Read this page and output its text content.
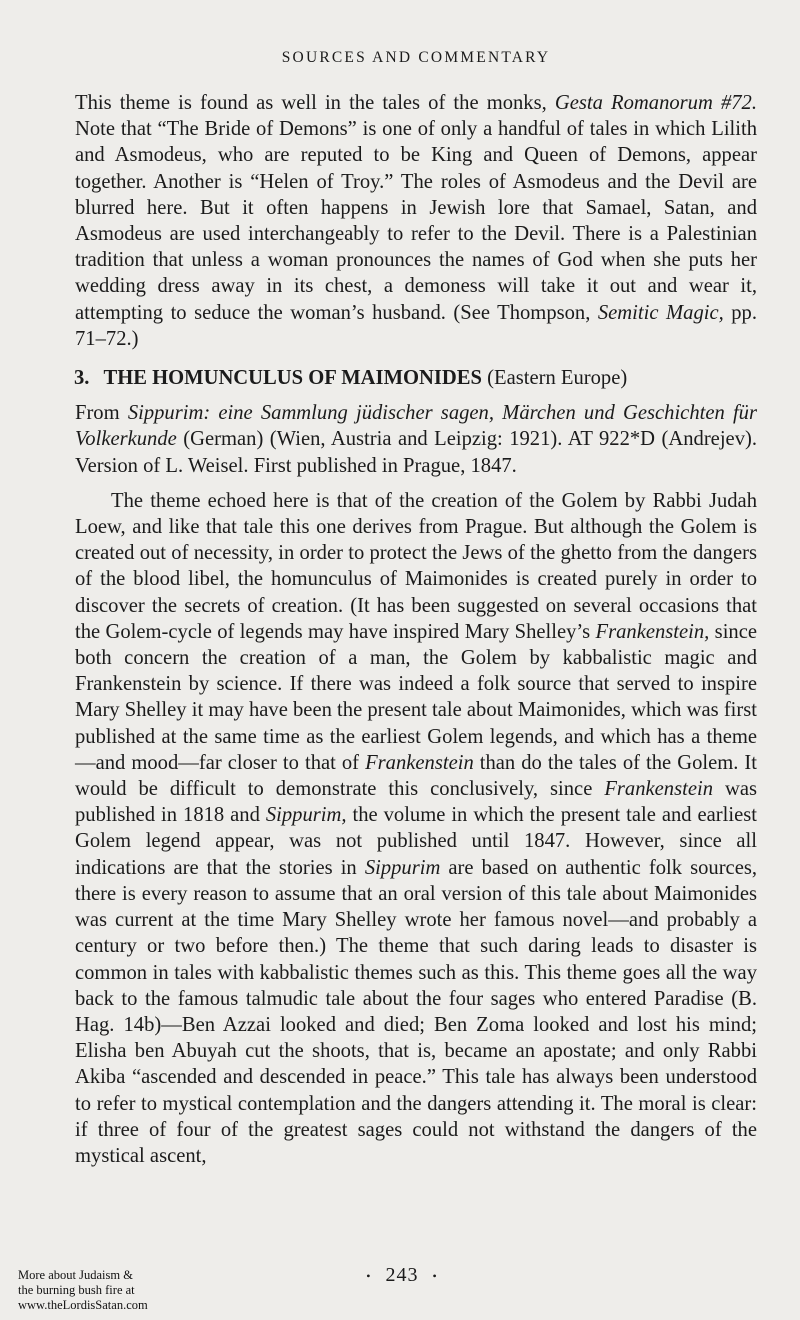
SOURCES AND COMMENTARY

This theme is found as well in the tales of the monks, Gesta Romanorum #72. Note that “The Bride of Demons” is one of only a handful of tales in which Lilith and Asmodeus, who are reputed to be King and Queen of Demons, appear together. Another is “Helen of Troy.” The roles of Asmodeus and the Devil are blurred here. But it often happens in Jewish lore that Samael, Satan, and Asmodeus are used interchangeably to refer to the Devil. There is a Palestinian tradition that unless a woman pronounces the names of God when she puts her wedding dress away in its chest, a demoness will take it out and wear it, attempting to seduce the woman’s husband. (See Thompson, Semitic Magic, pp. 71–72.)

3. THE HOMUNCULUS OF MAIMONIDES (Eastern Europe)

From Sippurim: eine Sammlung jüdischer sagen, Märchen und Geschichten für Volkerkunde (German) (Wien, Austria and Leipzig: 1921). AT 922*D (Andrejev). Version of L. Weisel. First published in Prague, 1847.

The theme echoed here is that of the creation of the Golem by Rabbi Judah Loew, and like that tale this one derives from Prague. But although the Golem is created out of necessity, in order to protect the Jews of the ghetto from the dangers of the blood libel, the homunculus of Maimonides is created purely in order to discover the secrets of creation. (It has been suggested on several occasions that the Golem-cycle of legends may have inspired Mary Shelley’s Frankenstein, since both concern the creation of a man, the Golem by kabbalistic magic and Frankenstein by science. If there was indeed a folk source that served to inspire Mary Shelley it may have been the present tale about Maimonides, which was first published at the same time as the earliest Golem legends, and which has a theme—and mood—far closer to that of Frankenstein than do the tales of the Golem. It would be difficult to demonstrate this conclusively, since Frankenstein was published in 1818 and Sippurim, the volume in which the present tale and earliest Golem legend appear, was not published until 1847. However, since all indications are that the stories in Sippurim are based on authentic folk sources, there is every reason to assume that an oral version of this tale about Maimonides was current at the time Mary Shelley wrote her famous novel—and probably a century or two before then.) The theme that such daring leads to disaster is common in tales with kabbalistic themes such as this. This theme goes all the way back to the famous talmudic tale about the four sages who entered Paradise (B. Hag. 14b)—Ben Azzai looked and died; Ben Zoma looked and lost his mind; Elisha ben Abuyah cut the shoots, that is, became an apostate; and only Rabbi Akiba “ascended and descended in peace.” This tale has always been understood to refer to mystical contemplation and the dangers attending it. The moral is clear: if three of four of the greatest sages could not withstand the dangers of the mystical ascent,

• 243 •
More about Judaism &
the burning bush fire at
www.theLordisSatan.com
